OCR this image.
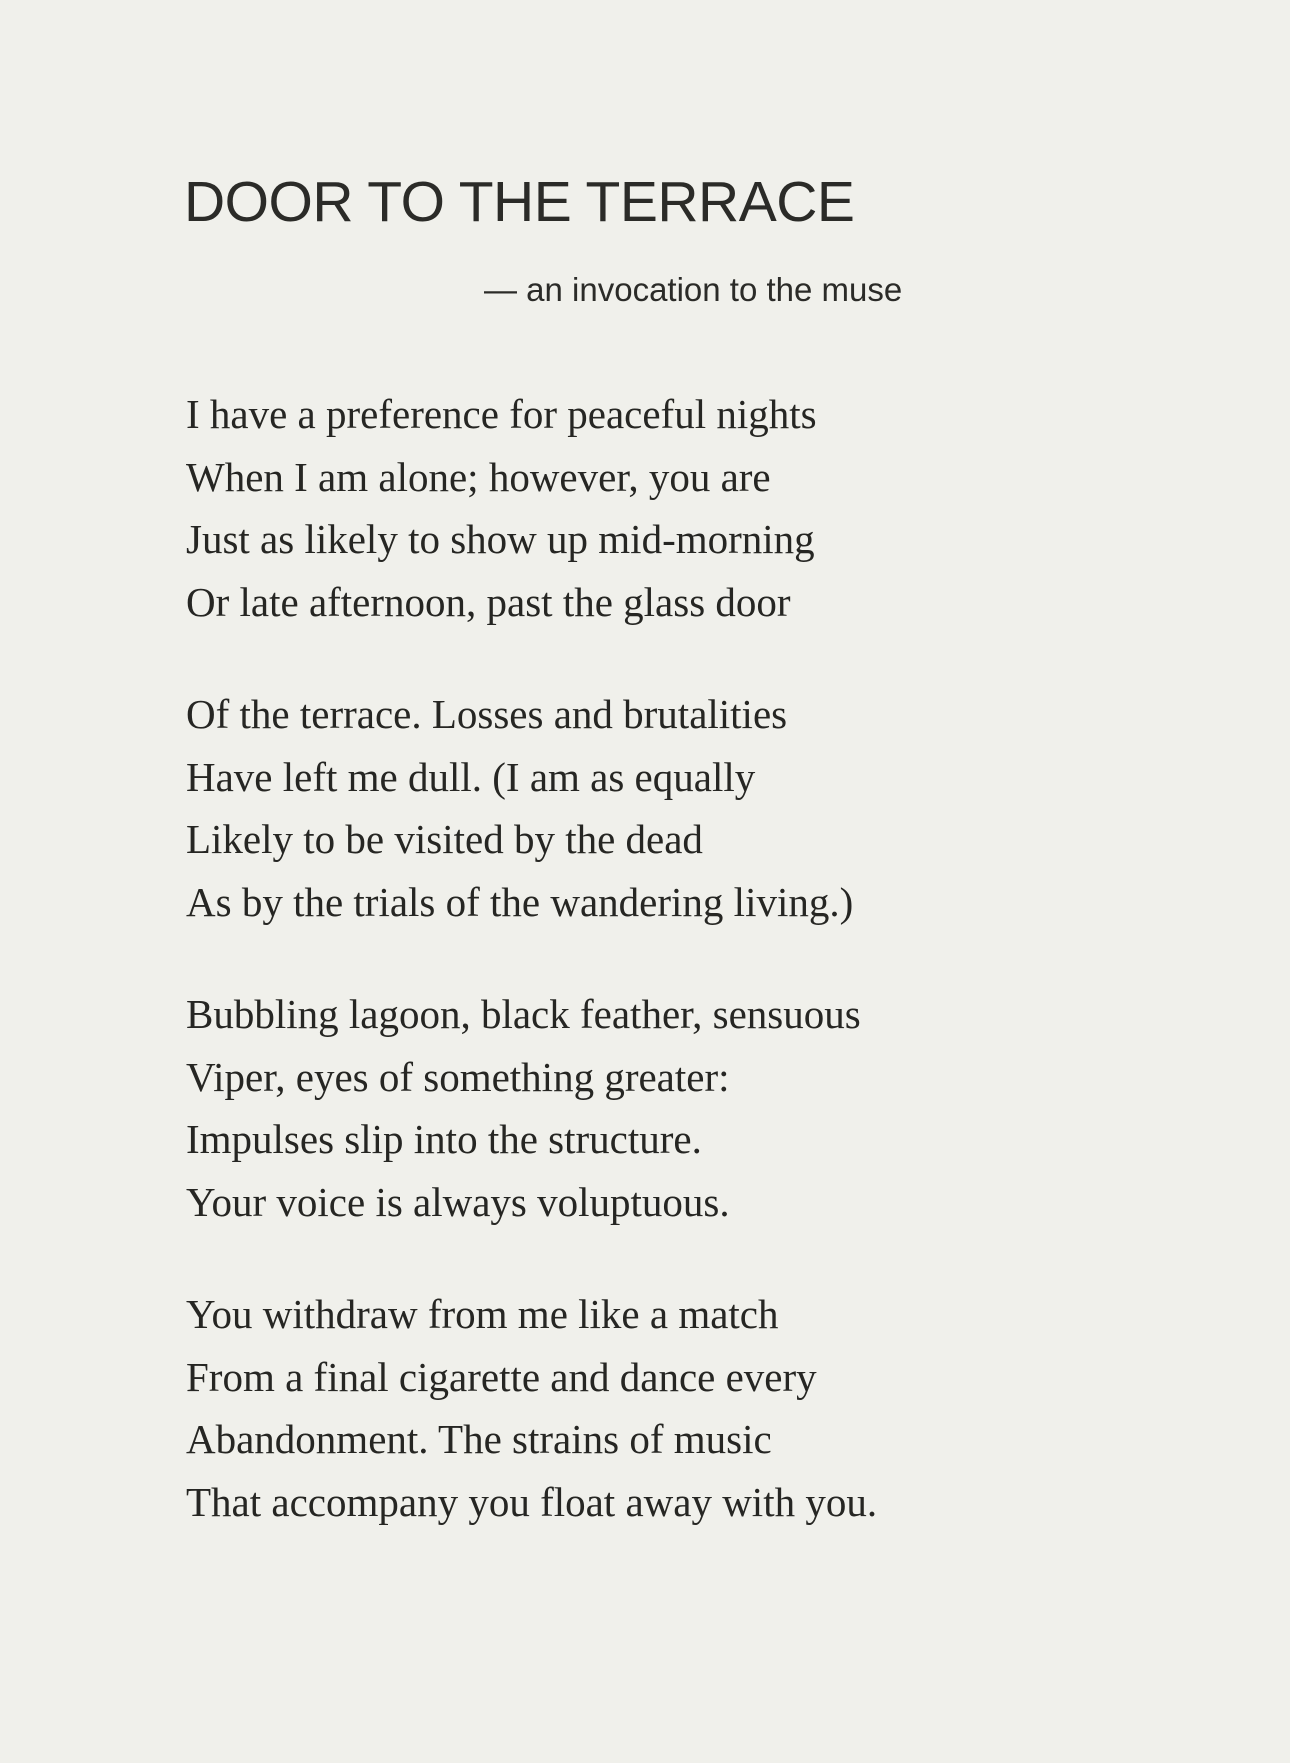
DOOR TO THE TERRACE

— an invocation to the muse

I have a preference for peaceful nights
When I am alone; however, you are
Just as likely to show up mid-morning
Or late afternoon, past the glass door

Of the terrace. Losses and brutalities
Have left me dull. (I am as equally
Likely to be visited by the dead
As by the trials of the wandering living.)

Bubbling lagoon, black feather, sensuous
Viper, eyes of something greater:
Impulses slip into the structure.
Your voice is always voluptuous.

You withdraw from me like a match
From a final cigarette and dance every
Abandonment. The strains of music
That accompany you float away with you.
